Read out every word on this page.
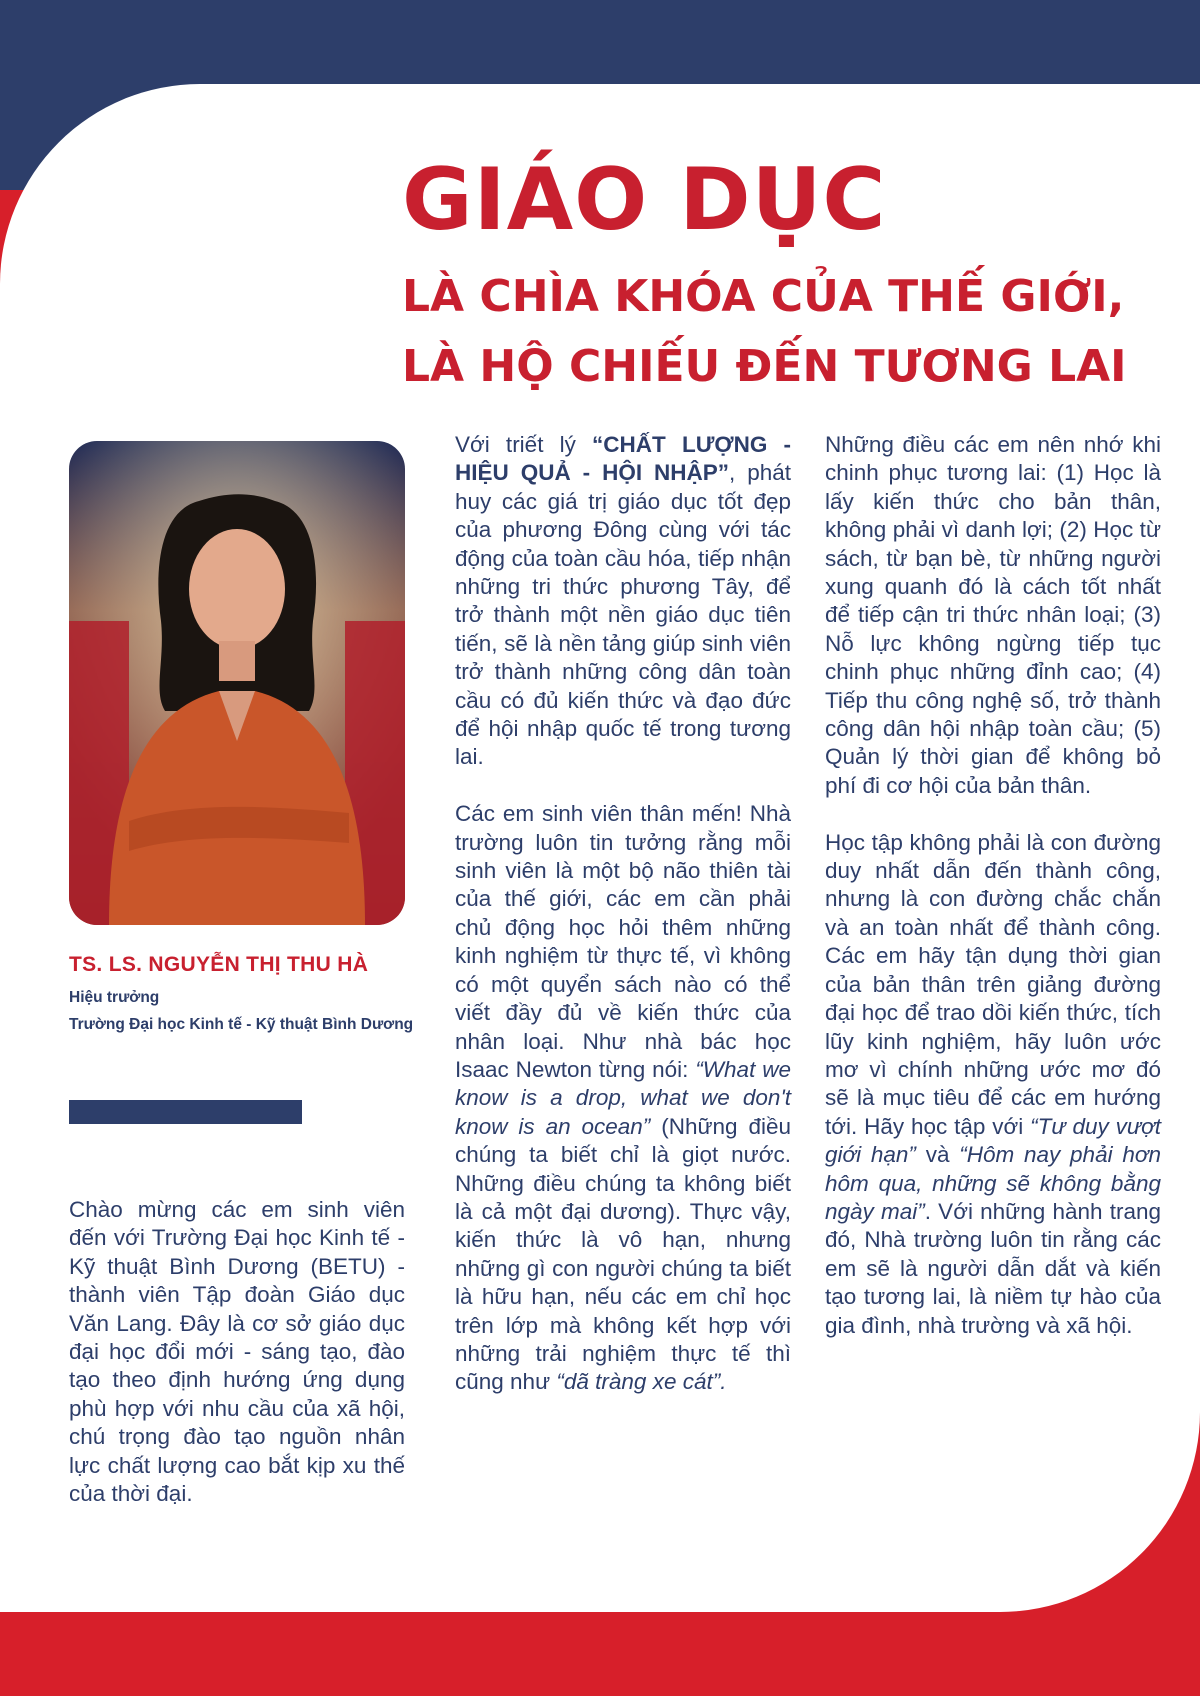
GIÁO DỤC
LÀ CHÌA KHÓA CỦA THẾ GIỚI,
LÀ HỘ CHIẾU ĐẾN TƯƠNG LAI

TS. LS. NGUYỄN THỊ THU HÀ

Hiệu trưởng

Trường Đại học Kinh tế - Kỹ thuật Bình Dương

Chào mừng các em sinh viên đến với Trường Đại học Kinh tế - Kỹ thuật Bình Dương (BETU) - thành viên Tập đoàn Giáo dục Văn Lang. Đây là cơ sở giáo dục đại học đổi mới - sáng tạo, đào tạo theo định hướng ứng dụng phù hợp với nhu cầu của xã hội, chú trọng đào tạo nguồn nhân lực chất lượng cao bắt kịp xu thế của thời đại.

Với triết lý “CHẤT LƯỢNG - HIỆU QUẢ - HỘI NHẬP”, phát huy các giá trị giáo dục tốt đẹp của phương Đông cùng với tác động của toàn cầu hóa, tiếp nhận những tri thức phương Tây, để trở thành một nền giáo dục tiên tiến, sẽ là nền tảng giúp sinh viên trở thành những công dân toàn cầu có đủ kiến thức và đạo đức để hội nhập quốc tế trong tương lai.

Các em sinh viên thân mến! Nhà trường luôn tin tưởng rằng mỗi sinh viên là một bộ não thiên tài của thế giới, các em cần phải chủ động học hỏi thêm những kinh nghiệm từ thực tế, vì không có một quyển sách nào có thể viết đầy đủ về kiến thức của nhân loại. Như nhà bác học Isaac Newton từng nói: “What we know is a drop, what we don't know is an ocean” (Những điều chúng ta biết chỉ là giọt nước. Những điều chúng ta không biết là cả một đại dương). Thực vậy, kiến thức là vô hạn, nhưng những gì con người chúng ta biết là hữu hạn, nếu các em chỉ học trên lớp mà không kết hợp với những trải nghiệm thực tế thì cũng như “dã tràng xe cát”.

Những điều các em nên nhớ khi chinh phục tương lai: (1) Học là lấy kiến thức cho bản thân, không phải vì danh lợi; (2) Học từ sách, từ bạn bè, từ những người xung quanh đó là cách tốt nhất để tiếp cận tri thức nhân loại; (3) Nỗ lực không ngừng tiếp tục chinh phục những đỉnh cao; (4) Tiếp thu công nghệ số, trở thành công dân hội nhập toàn cầu; (5) Quản lý thời gian để không bỏ phí đi cơ hội của bản thân.

Học tập không phải là con đường duy nhất dẫn đến thành công, nhưng là con đường chắc chắn và an toàn nhất để thành công. Các em hãy tận dụng thời gian của bản thân trên giảng đường đại học để trao dồi kiến thức, tích lũy kinh nghiệm, hãy luôn ước mơ vì chính những ước mơ đó sẽ là mục tiêu để các em hướng tới. Hãy học tập với “Tư duy vượt giới hạn” và “Hôm nay phải hơn hôm qua, những sẽ không bằng ngày mai”. Với những hành trang đó, Nhà trường luôn tin rằng các em sẽ là người dẫn dắt và kiến tạo tương lai, là niềm tự hào của gia đình, nhà trường và xã hội.
